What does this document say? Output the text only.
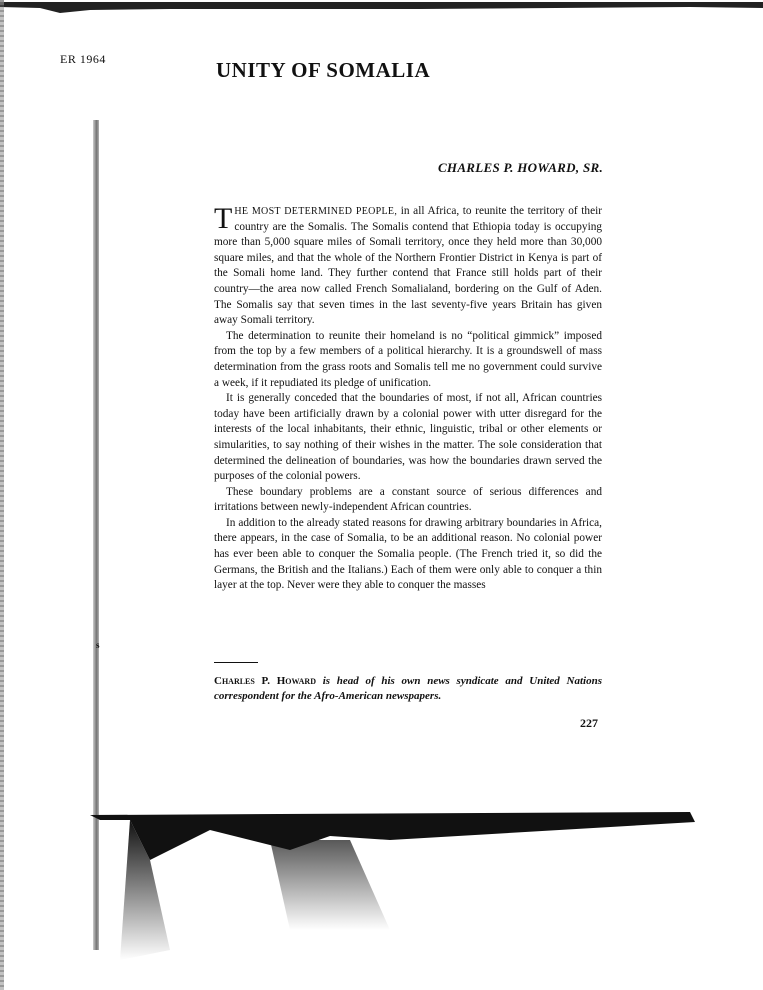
ER 1964	UNITY OF SOMALIA
CHARLES P. HOWARD, SR.

THE MOST DETERMINED PEOPLE, in all Africa, to reunite the territory of their country are the Somalis. The Somalis contend that Ethiopia today is occupying more than 5,000 square miles of Somali territory, once they held more than 30,000 square miles, and that the whole of the Northern Frontier District in Kenya is part of the Somali home land. They further contend that France still holds part of their country—the area now called French Somalialand, bordering on the Gulf of Aden. The Somalis say that seven times in the last seventy-five years Britain has given away Somali territory.

The determination to reunite their homeland is no “political gimmick” imposed from the top by a few members of a political hierarchy. It is a groundswell of mass determination from the grass roots and Somalis tell me no government could survive a week, if it repudiated its pledge of unification.

It is generally conceded that the boundaries of most, if not all, African countries today have been artificially drawn by a colonial power with utter disregard for the interests of the local inhabitants, their ethnic, linguistic, tribal or other elements or simularities, to say nothing of their wishes in the matter. The sole consideration that determined the delineation of boundaries, was how the boundaries drawn served the purposes of the colonial powers.

These boundary problems are a constant source of serious differences and irritations between newly-independent African countries.

In addition to the already stated reasons for drawing arbitrary boundaries in Africa, there appears, in the case of Somalia, to be an additional reason. No colonial power has ever been able to conquer the Somalia people. (The French tried it, so did the Germans, the British and the Italians.) Each of them were only able to conquer a thin layer at the top. Never were they able to conquer the masses

s
Charles P. Howard is head of his own news syndicate and United Nations correspondent for the Afro-American newspapers.
227
